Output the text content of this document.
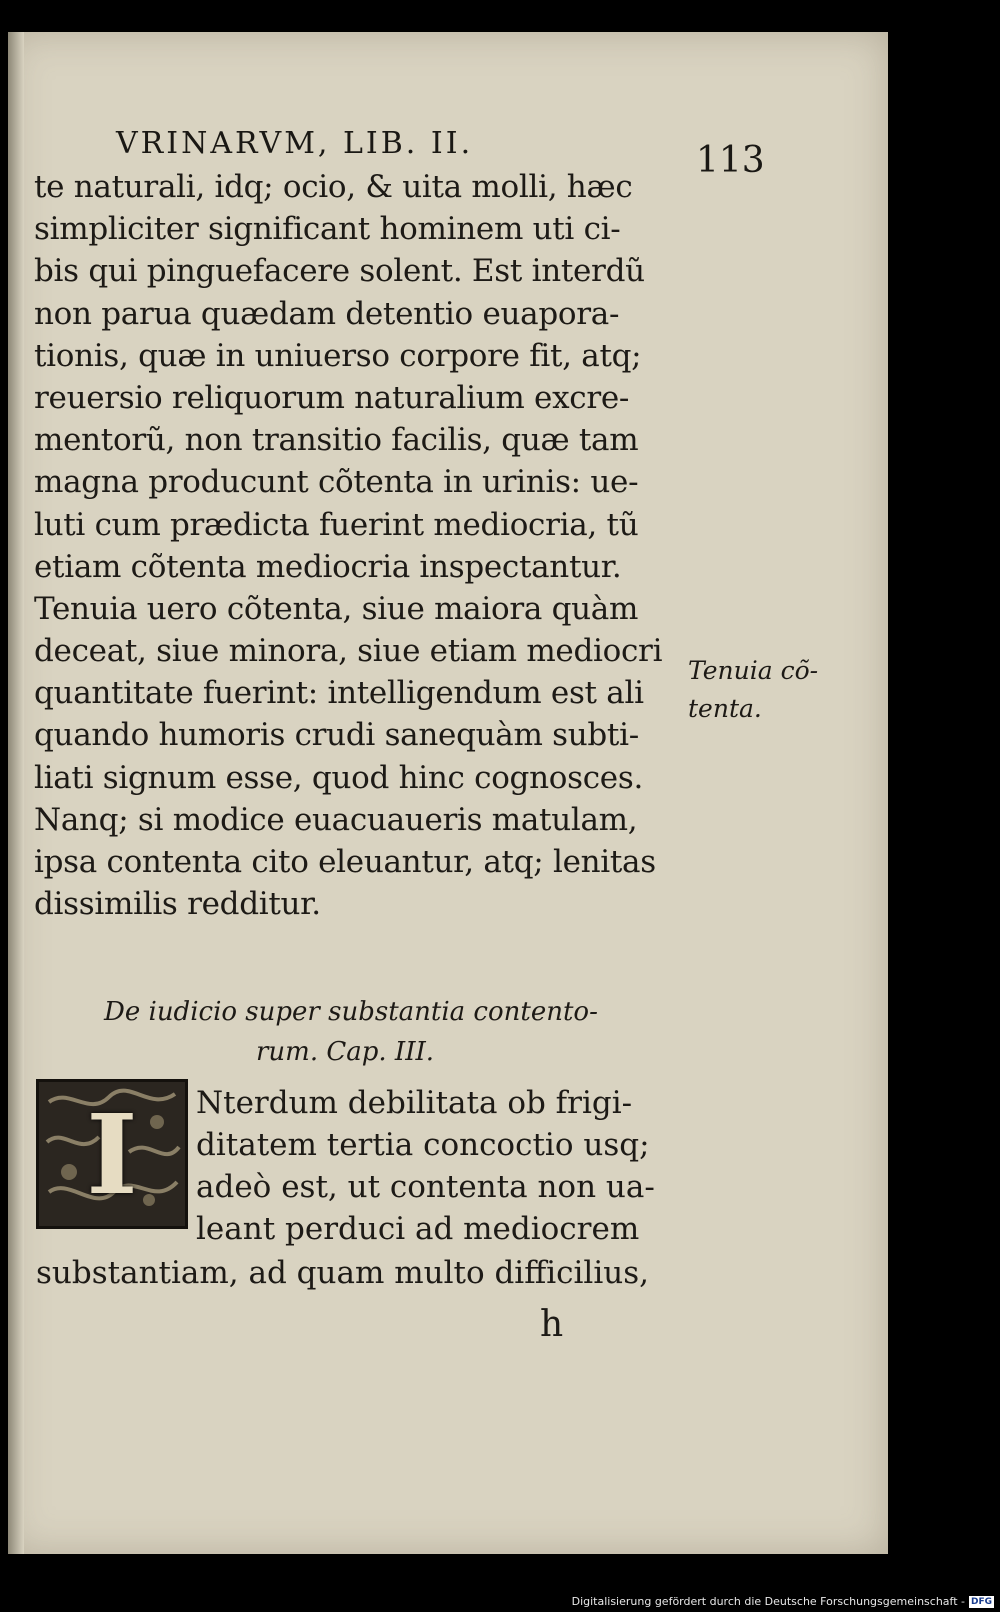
VRINARVM, LIB. II.	113
te naturali, idq; ocio, & uita molli, hæc
simpliciter significant hominem uti ci-
bis qui pinguefacere solent. Est interdũ
non parua quædam detentio euapora-
tionis, quæ in uniuerso corpore fit, atq;
reuersio reliquorum naturalium excre-
mentorũ, non transitio facilis, quæ tam
magna producunt cõtenta in urinis: ue-
luti cum prædicta fuerint mediocria, tũ
etiam cõtenta mediocria inspectantur.
Tenuia uero cõtenta, siue maiora quàm
deceat, siue minora, siue etiam mediocri
quantitate fuerint: intelligendum est ali
quando humoris crudi sanequàm subti-
liati signum esse, quod hinc cognosces.
Nanq; si modice euacuaueris matulam,
ipsa contenta cito eleuantur, atq; lenitas
dissimilis redditur.
Tenuia cõ-
tenta.
De iudicio super substantia contento-
rum. Cap. III.
I	Nterdum debilitata ob frigi-
ditatem tertia concoctio usq;
adeò est, ut contenta non ua-
leant perduci ad mediocrem
substantiam, ad quam multo difficilius,
h
Digitalisierung gefördert durch die Deutsche Forschungsgemeinschaft - DFG
